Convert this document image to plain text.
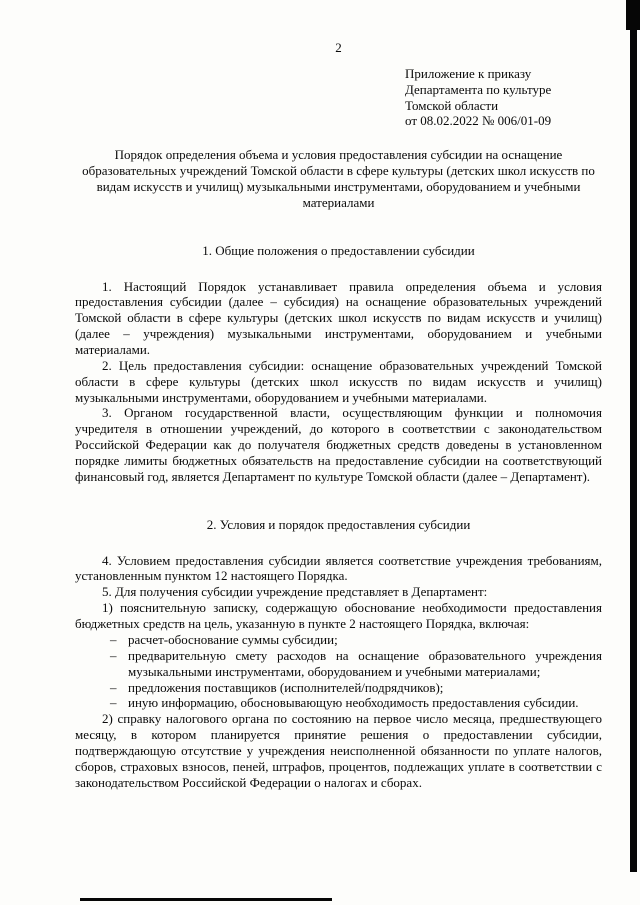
2
Приложение к приказу
Департамента по культуре
Томской области
от 08.02.2022 № 006/01-09
Порядок определения объема и условия предоставления субсидии на оснащение образовательных учреждений Томской области в сфере культуры (детских школ искусств по видам искусств и училищ) музыкальными инструментами, оборудованием и учебными материалами
1. Общие положения о предоставлении субсидии

1. Настоящий Порядок устанавливает правила определения объема и условия предоставления субсидии (далее – субсидия) на оснащение образовательных учреждений Томской области в сфере культуры (детских школ искусств по видам искусств и училищ) (далее – учреждения) музыкальными инструментами, оборудованием и учебными материалами.

2. Цель предоставления субсидии: оснащение образовательных учреждений Томской области в сфере культуры (детских школ искусств по видам искусств и училищ) музыкальными инструментами, оборудованием и учебными материалами.

3. Органом государственной власти, осуществляющим функции и полномочия учредителя в отношении учреждений, до которого в соответствии с законодательством Российской Федерации как до получателя бюджетных средств доведены в установленном порядке лимиты бюджетных обязательств на предоставление субсидии на соответствующий финансовый год, является Департамент по культуре Томской области (далее – Департамент).

2. Условия и порядок предоставления субсидии

4. Условием предоставления субсидии является соответствие учреждения требованиям, установленным пунктом 12 настоящего Порядка.

5. Для получения субсидии учреждение представляет в Департамент:

1) пояснительную записку, содержащую обоснование необходимости предоставления бюджетных средств на цель, указанную в пункте 2 настоящего Порядка, включая:

– расчет-обоснование суммы субсидии;
– предварительную смету расходов на оснащение образовательного учреждения музыкальными инструментами, оборудованием и учебными материалами;
– предложения поставщиков (исполнителей/подрядчиков);
– иную информацию, обосновывающую необходимость предоставления субсидии.

2) справку налогового органа по состоянию на первое число месяца, предшествующего месяцу, в котором планируется принятие решения о предоставлении субсидии, подтверждающую отсутствие у учреждения неисполненной обязанности по уплате налогов, сборов, страховых взносов, пеней, штрафов, процентов, подлежащих уплате в соответствии с законодательством Российской Федерации о налогах и сборах.
